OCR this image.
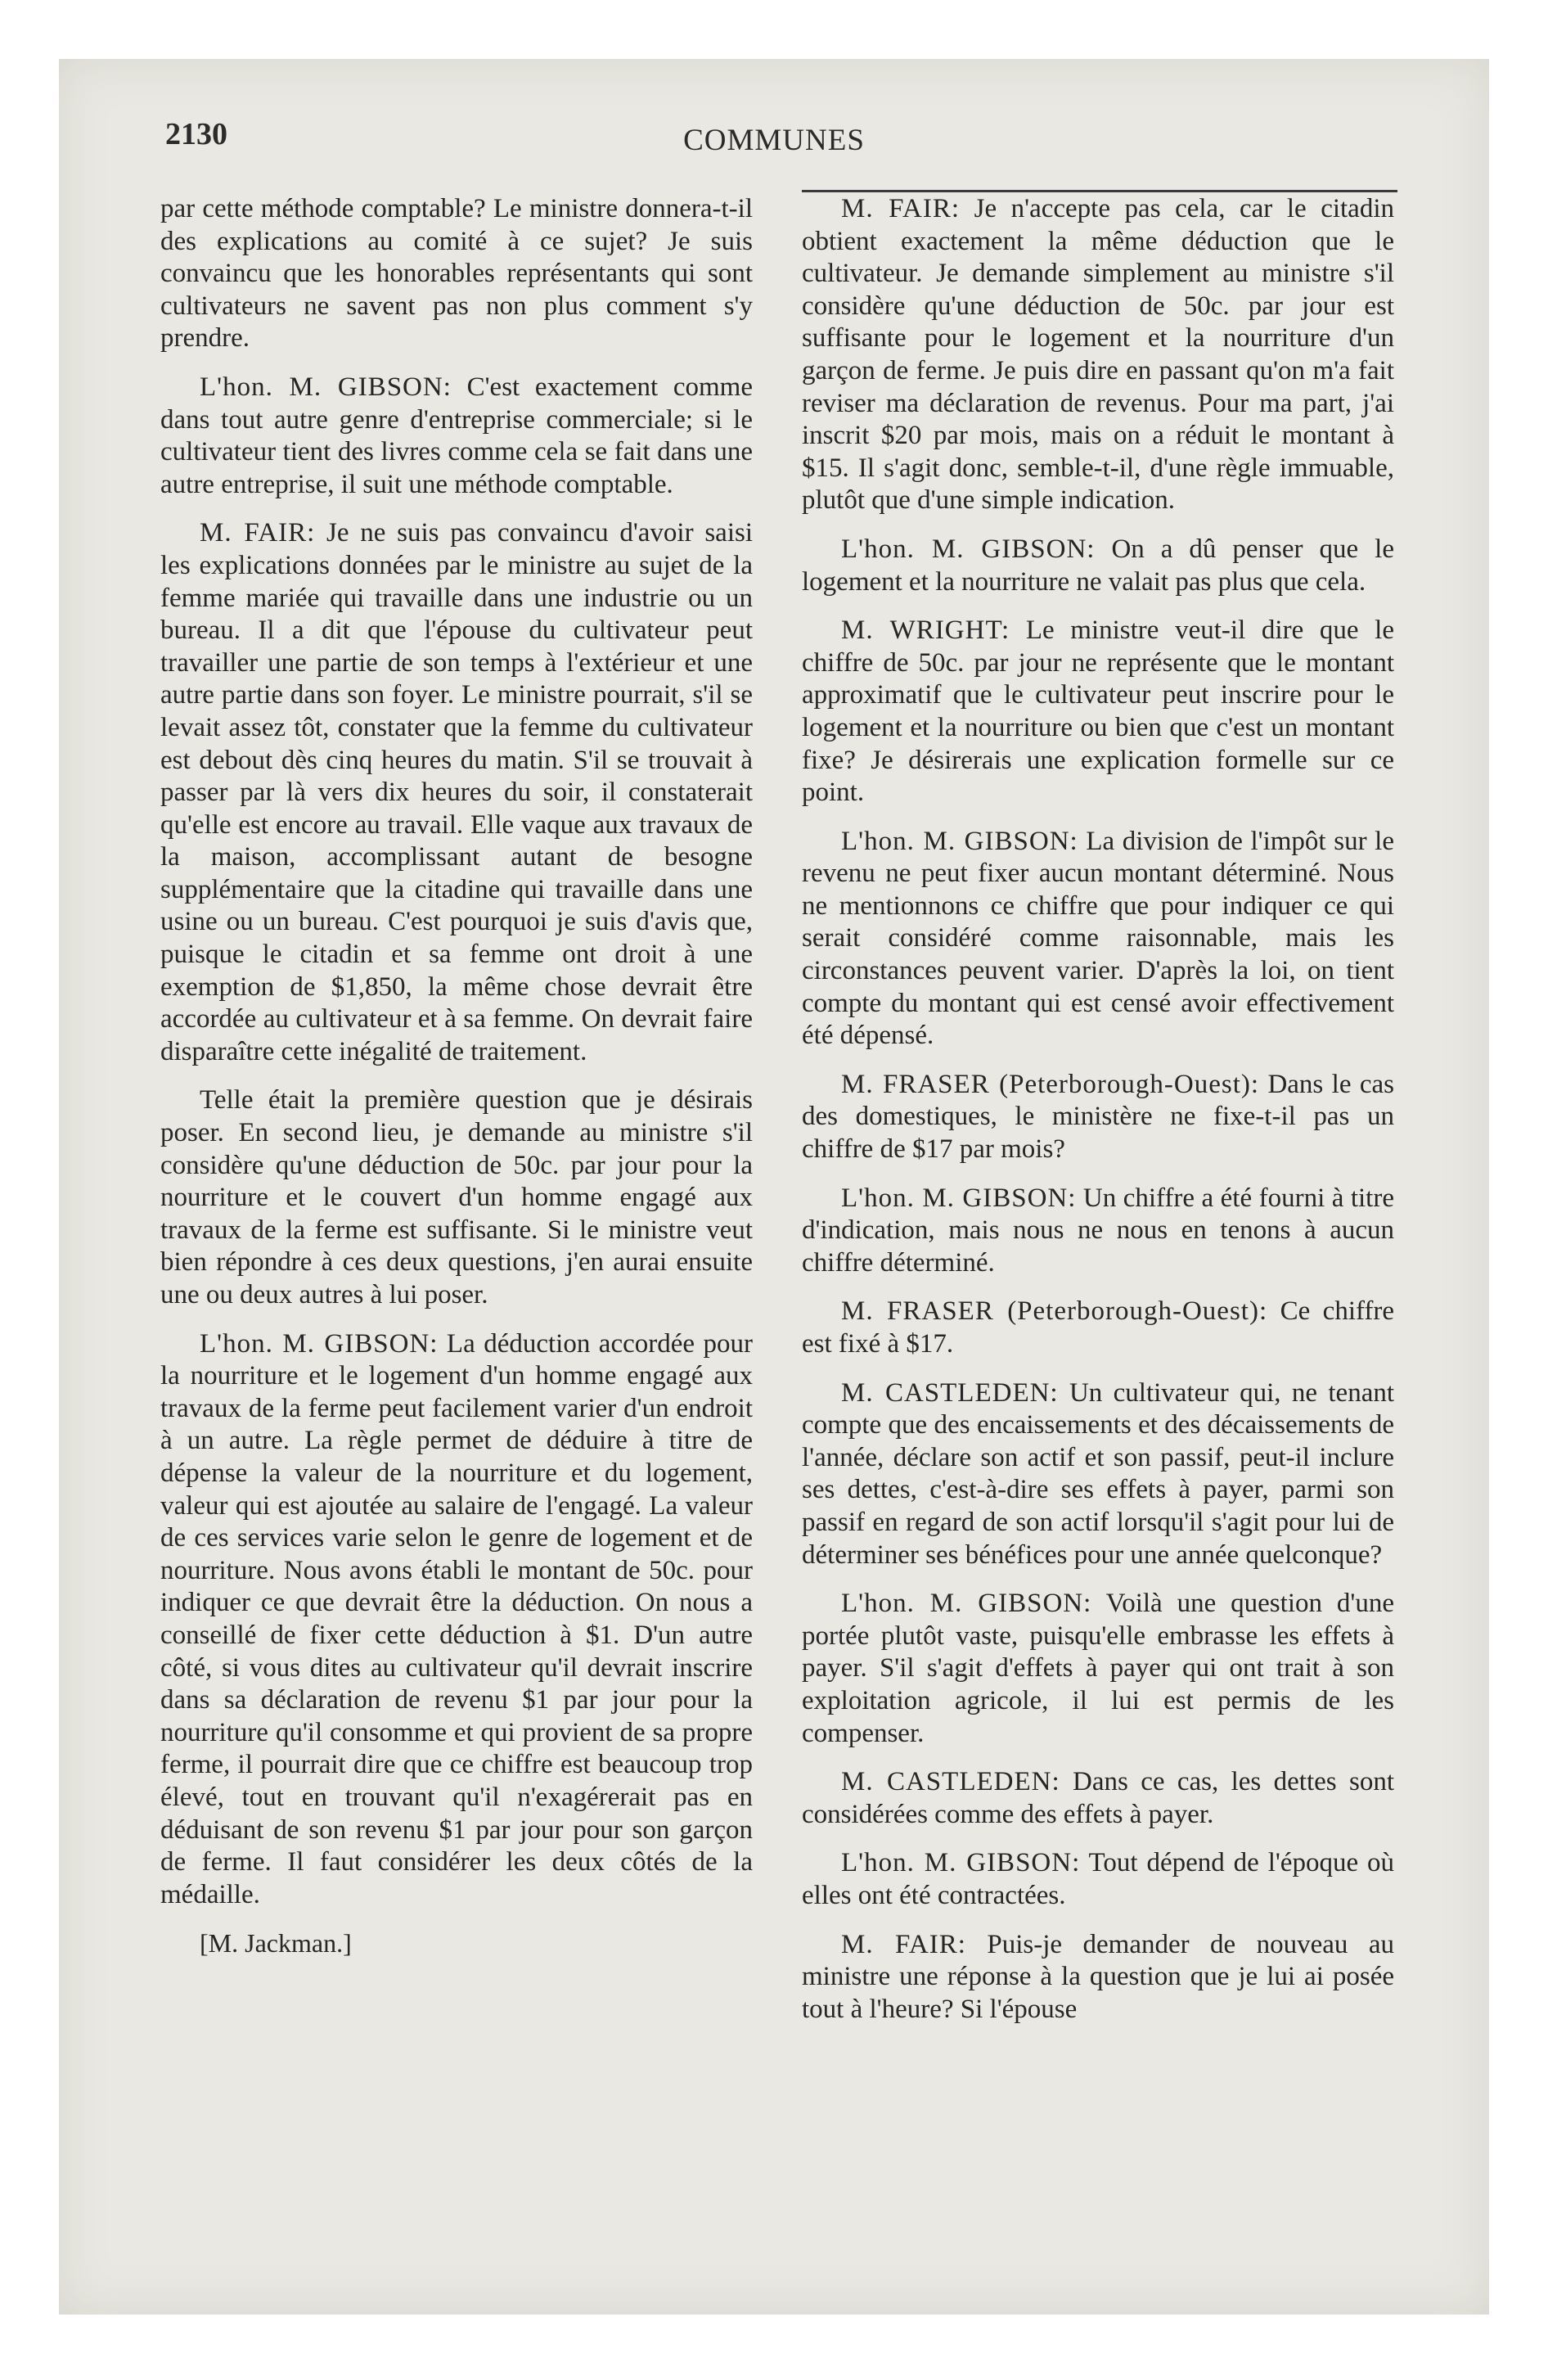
2130	COMMUNES

par cette méthode comptable? Le ministre donnera-t-il des explications au comité à ce sujet? Je suis convaincu que les honorables représentants qui sont cultivateurs ne savent pas non plus comment s'y prendre.

L'hon. M. GIBSON: C'est exactement comme dans tout autre genre d'entreprise commerciale; si le cultivateur tient des livres comme cela se fait dans une autre entreprise, il suit une méthode comptable.

M. FAIR: Je ne suis pas convaincu d'avoir saisi les explications données par le ministre au sujet de la femme mariée qui travaille dans une industrie ou un bureau. Il a dit que l'épouse du cultivateur peut travailler une partie de son temps à l'extérieur et une autre partie dans son foyer. Le ministre pourrait, s'il se levait assez tôt, constater que la femme du cultivateur est debout dès cinq heures du matin. S'il se trouvait à passer par là vers dix heures du soir, il constaterait qu'elle est encore au travail. Elle vaque aux travaux de la maison, accomplissant autant de besogne supplémentaire que la citadine qui travaille dans une usine ou un bureau. C'est pourquoi je suis d'avis que, puisque le citadin et sa femme ont droit à une exemption de $1,850, la même chose devrait être accordée au cultivateur et à sa femme. On devrait faire disparaître cette inégalité de traitement.

Telle était la première question que je désirais poser. En second lieu, je demande au ministre s'il considère qu'une déduction de 50c. par jour pour la nourriture et le couvert d'un homme engagé aux travaux de la ferme est suffisante. Si le ministre veut bien répondre à ces deux questions, j'en aurai ensuite une ou deux autres à lui poser.

L'hon. M. GIBSON: La déduction accordée pour la nourriture et le logement d'un homme engagé aux travaux de la ferme peut facilement varier d'un endroit à un autre. La règle permet de déduire à titre de dépense la valeur de la nourriture et du logement, valeur qui est ajoutée au salaire de l'engagé. La valeur de ces services varie selon le genre de logement et de nourriture. Nous avons établi le montant de 50c. pour indiquer ce que devrait être la déduction. On nous a conseillé de fixer cette déduction à $1. D'un autre côté, si vous dites au cultivateur qu'il devrait inscrire dans sa déclaration de revenu $1 par jour pour la nourriture qu'il consomme et qui provient de sa propre ferme, il pourrait dire que ce chiffre est beaucoup trop élevé, tout en trouvant qu'il n'exagérerait pas en déduisant de son revenu $1 par jour pour son garçon de ferme. Il faut considérer les deux côtés de la médaille.

[M. Jackman.]

M. FAIR: Je n'accepte pas cela, car le citadin obtient exactement la même déduction que le cultivateur. Je demande simplement au ministre s'il considère qu'une déduction de 50c. par jour est suffisante pour le logement et la nourriture d'un garçon de ferme. Je puis dire en passant qu'on m'a fait reviser ma déclaration de revenus. Pour ma part, j'ai inscrit $20 par mois, mais on a réduit le montant à $15. Il s'agit donc, semble-t-il, d'une règle immuable, plutôt que d'une simple indication.

L'hon. M. GIBSON: On a dû penser que le logement et la nourriture ne valait pas plus que cela.

M. WRIGHT: Le ministre veut-il dire que le chiffre de 50c. par jour ne représente que le montant approximatif que le cultivateur peut inscrire pour le logement et la nourriture ou bien que c'est un montant fixe? Je désirerais une explication formelle sur ce point.

L'hon. M. GIBSON: La division de l'impôt sur le revenu ne peut fixer aucun montant déterminé. Nous ne mentionnons ce chiffre que pour indiquer ce qui serait considéré comme raisonnable, mais les circonstances peuvent varier. D'après la loi, on tient compte du montant qui est censé avoir effectivement été dépensé.

M. FRASER (Peterborough-Ouest): Dans le cas des domestiques, le ministère ne fixe-t-il pas un chiffre de $17 par mois?

L'hon. M. GIBSON: Un chiffre a été fourni à titre d'indication, mais nous ne nous en tenons à aucun chiffre déterminé.

M. FRASER (Peterborough-Ouest): Ce chiffre est fixé à $17.

M. CASTLEDEN: Un cultivateur qui, ne tenant compte que des encaissements et des décaissements de l'année, déclare son actif et son passif, peut-il inclure ses dettes, c'est-à-dire ses effets à payer, parmi son passif en regard de son actif lorsqu'il s'agit pour lui de déterminer ses bénéfices pour une année quelconque?

L'hon. M. GIBSON: Voilà une question d'une portée plutôt vaste, puisqu'elle embrasse les effets à payer. S'il s'agit d'effets à payer qui ont trait à son exploitation agricole, il lui est permis de les compenser.

M. CASTLEDEN: Dans ce cas, les dettes sont considérées comme des effets à payer.

L'hon. M. GIBSON: Tout dépend de l'époque où elles ont été contractées.

M. FAIR: Puis-je demander de nouveau au ministre une réponse à la question que je lui ai posée tout à l'heure? Si l'épouse
